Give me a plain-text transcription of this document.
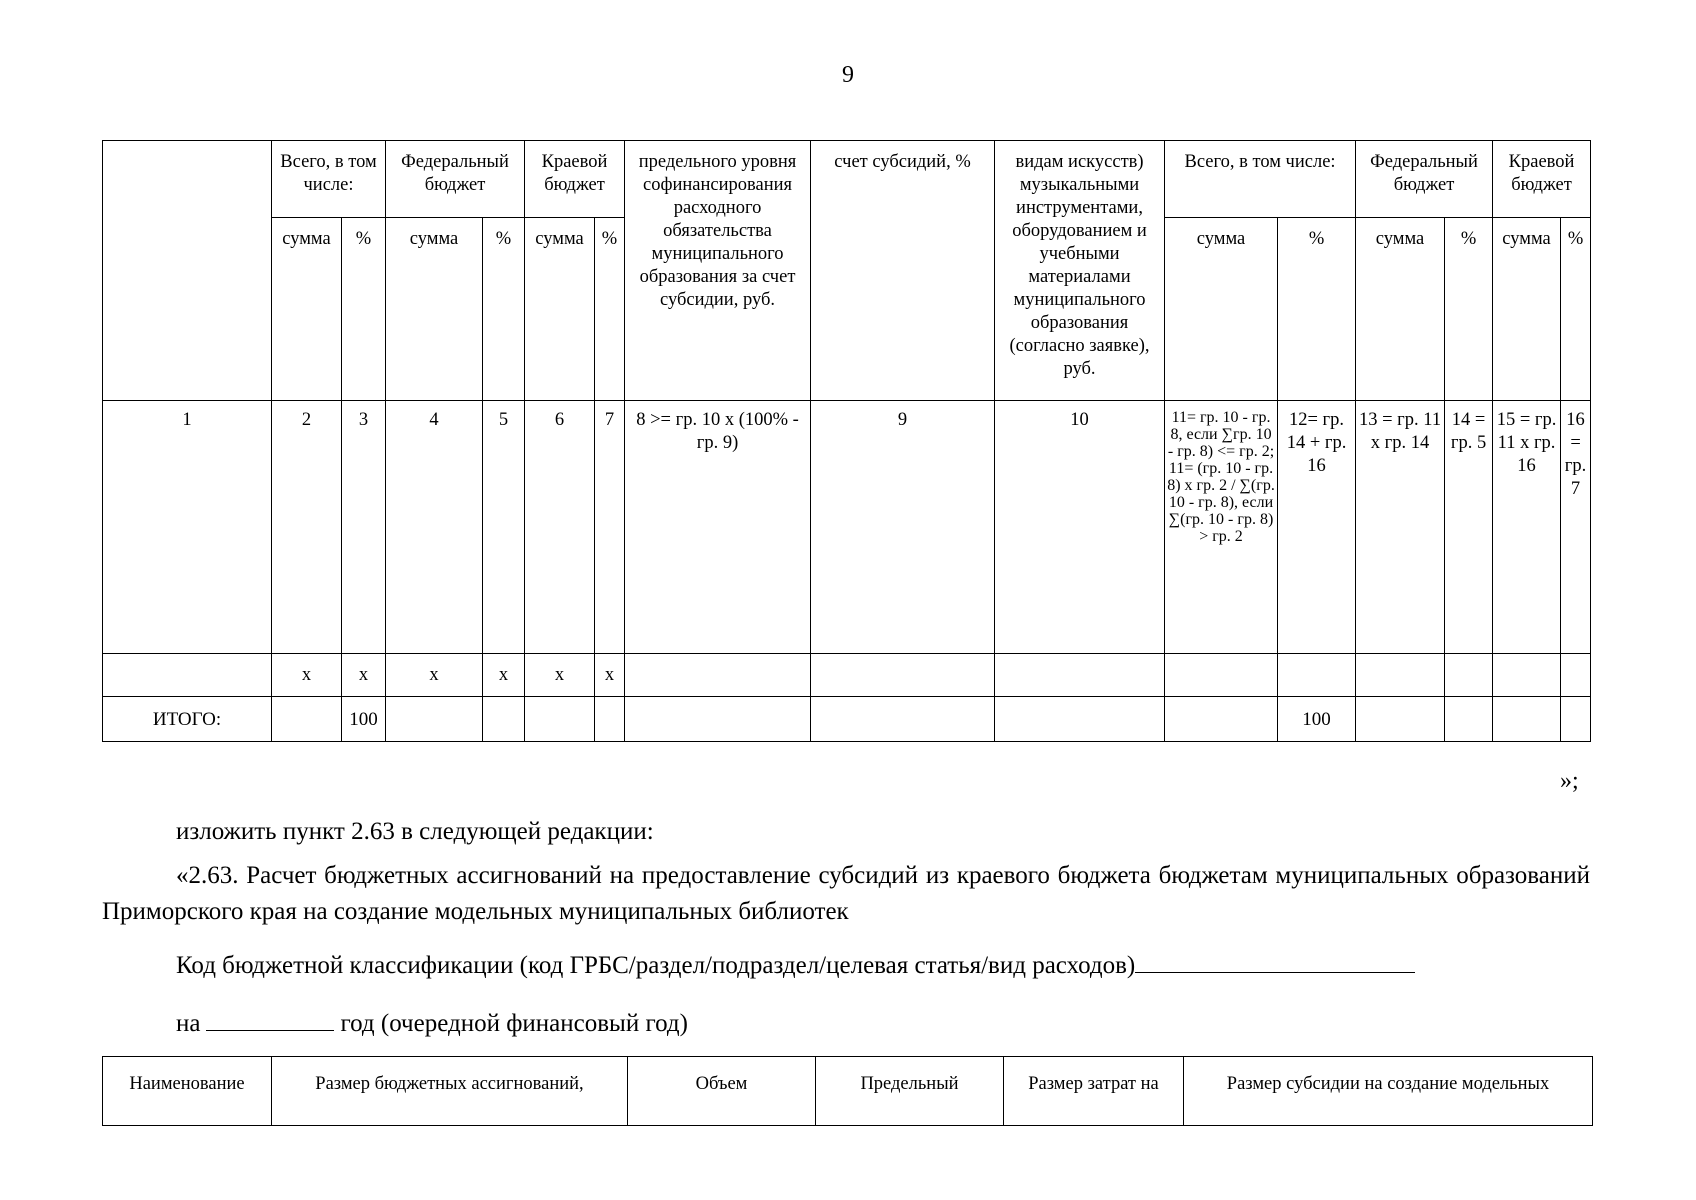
9
	Всего, в том числе:		Федеральный бюджет		Краевой бюджет		предельного уровня софинансирования расходного обязательства муниципального образования за счет субсидии, руб.	счет субсидий, %	видам искусств) музыкальными инструментами, оборудованием и учебными материалами муниципального образования (согласно заявке), руб.	Всего, в том числе:		Федеральный бюджет		Краевой бюджет	
	сумма	%	сумма	%	сумма	%				сумма	%	сумма	%	сумма	%
1	2	3	4	5	6	7	8 >= гр. 10 х (100% - гр. 9)	9	10	11= гр. 10 - гр. 8, если ∑гр. 10 - гр. 8) <= гр. 2; 11= (гр. 10 - гр. 8) х гр. 2 / ∑(гр. 10 - гр. 8), если ∑(гр. 10 - гр. 8) > гр. 2	12= гр. 14 + гр. 16	13 = гр. 11 х гр. 14	14 = гр. 5	15 = гр. 11 х гр. 16	16 = гр. 7
	х	х	х	х	х	х									
ИТОГО:		100									100				
»;
изложить пункт 2.63 в следующей редакции:
«2.63. Расчет бюджетных ассигнований на предоставление субсидий из краевого бюджета бюджетам муниципальных образований Приморского края на создание модельных муниципальных библиотек
Код бюджетной классификации (код ГРБС/раздел/подраздел/целевая статья/вид расходов)
на	год (очередной финансовый год)
Наименование	Размер бюджетных ассигнований,	Объем	Предельный	Размер затрат на	Размер субсидии на создание модельных
